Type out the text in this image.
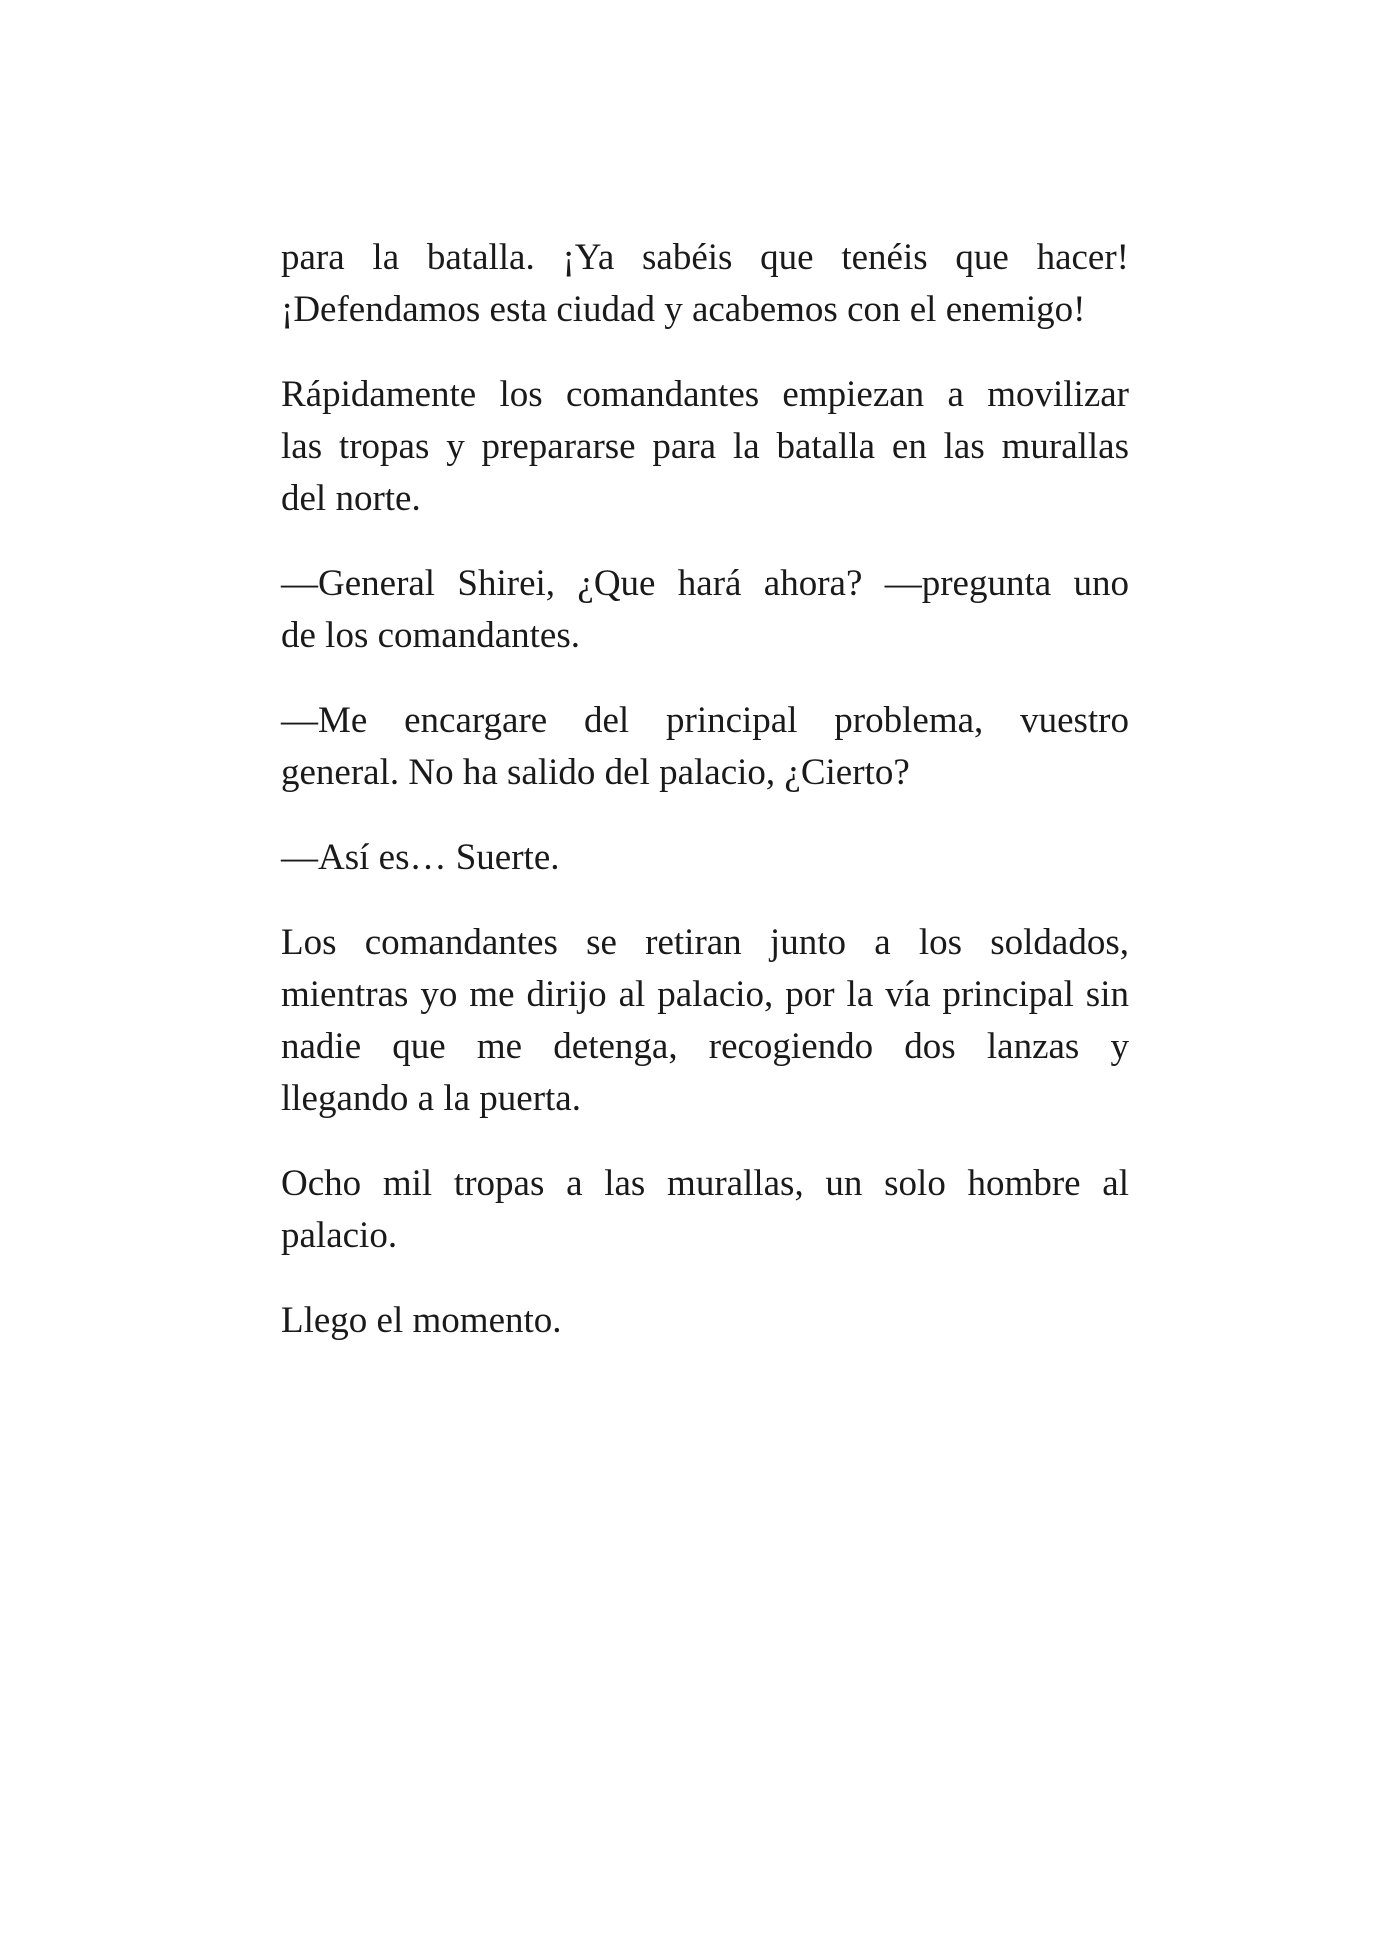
para la batalla. ¡Ya sabéis que tenéis que hacer!
¡Defendamos esta ciudad y acabemos con el enemigo!

Rápidamente los comandantes empiezan a movilizar
las tropas y prepararse para la batalla en las murallas
del norte.

—General Shirei, ¿Que hará ahora? —pregunta uno
de los comandantes.

—Me encargare del principal problema, vuestro
general. No ha salido del palacio, ¿Cierto?

—Así es… Suerte.

Los comandantes se retiran junto a los soldados,
mientras yo me dirijo al palacio, por la vía principal sin
nadie que me detenga, recogiendo dos lanzas y
llegando a la puerta.

Ocho mil tropas a las murallas, un solo hombre al
palacio.

Llego el momento.
